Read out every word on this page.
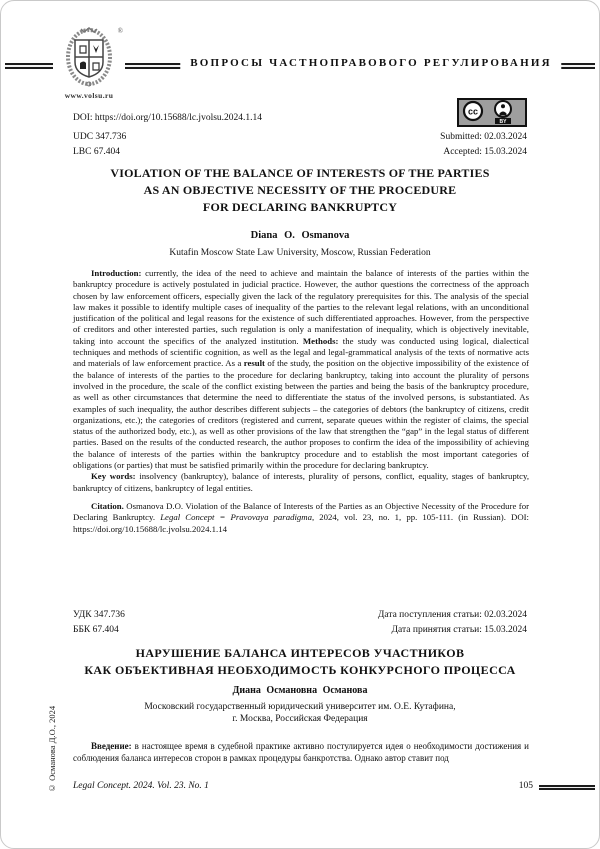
ВОПРОСЫ ЧАСТНОПРАВОВОГО РЕГУЛИРОВАНИЯ
®
www.volsu.ru
DOI: https://doi.org/10.15688/lc.jvolsu.2024.1.14
cc
BY
UDC 347.736	Submitted: 02.03.2024
LBC 67.404	Accepted: 15.03.2024
VIOLATION OF THE BALANCE OF INTERESTS OF THE PARTIES
AS AN OBJECTIVE NECESSITY OF THE PROCEDURE
FOR DECLARING BANKRUPTCY
Diana O. Osmanova
Kutafin Moscow State Law University, Moscow, Russian Federation

Introduction: currently, the idea of the need to achieve and maintain the balance of interests of the parties within the bankruptcy procedure is actively postulated in judicial practice. However, the author questions the correctness of the approach chosen by law enforcement officers, especially given the lack of the regulatory prerequisites for this. The analysis of the special law makes it possible to identify multiple cases of inequality of the parties to the relevant legal relations, with an unconditional justification of the political and legal reasons for the existence of such differentiated approaches. However, from the perspective of creditors and other interested parties, such regulation is only a manifestation of inequality, which is objectively inevitable, taking into account the specifics of the analyzed institution. Methods: the study was conducted using logical, dialectical techniques and methods of scientific cognition, as well as the legal and legal-grammatical analysis of the texts of normative acts and materials of law enforcement practice. As a result of the study, the position on the objective impossibility of the existence of the balance of interests of the parties to the procedure for declaring bankruptcy, taking into account the plurality of persons involved in the procedure, the scale of the conflict existing between the parties and being the basis of the bankruptcy procedure, as well as other circumstances that determine the need to differentiate the status of the involved persons, is substantiated. As examples of such inequality, the author describes different subjects – the categories of debtors (the bankruptcy of citizens, credit organizations, etc.); the categories of creditors (registered and current, separate queues within the register of claims, the special status of the authorized body, etc.), as well as other provisions of the law that strengthen the “gap” in the legal status of different parties. Based on the results of the conducted research, the author proposes to confirm the idea of the impossibility of achieving the balance of interests of the parties within the bankruptcy procedure and to establish the most important categories of obligations (or parties) that must be satisfied primarily within the procedure for declaring bankruptcy.

Key words: insolvency (bankruptcy), balance of interests, plurality of persons, conflict, equality, stages of bankruptcy, bankruptcy of citizens, bankruptcy of legal entities.

Citation. Osmanova D.O. Violation of the Balance of Interests of the Parties as an Objective Necessity of the Procedure for Declaring Bankruptcy. Legal Concept = Pravovaya paradigma, 2024, vol. 23, no. 1, pp. 105-111. (in Russian). DOI: https://doi.org/10.15688/lc.jvolsu.2024.1.14

УДК 347.736	Дата поступления статьи: 02.03.2024
ББК 67.404	Дата принятия статьи: 15.03.2024
НАРУШЕНИЕ БАЛАНСА ИНТЕРЕСОВ УЧАСТНИКОВ
КАК ОБЪЕКТИВНАЯ НЕОБХОДИМОСТЬ КОНКУРСНОГО ПРОЦЕССА
Диана Османовна Османова
Московский государственный юридический университет им. О.Е. Кутафина,
г. Москва, Российская Федерация

Введение: в настоящее время в судебной практике активно постулируется идея о необходимости достижения и соблюдения баланса интересов сторон в рамках процедуры банкротства. Однако автор ставит под

Legal Concept. 2024. Vol. 23. No. 1	105
© Османова Д.О., 2024
